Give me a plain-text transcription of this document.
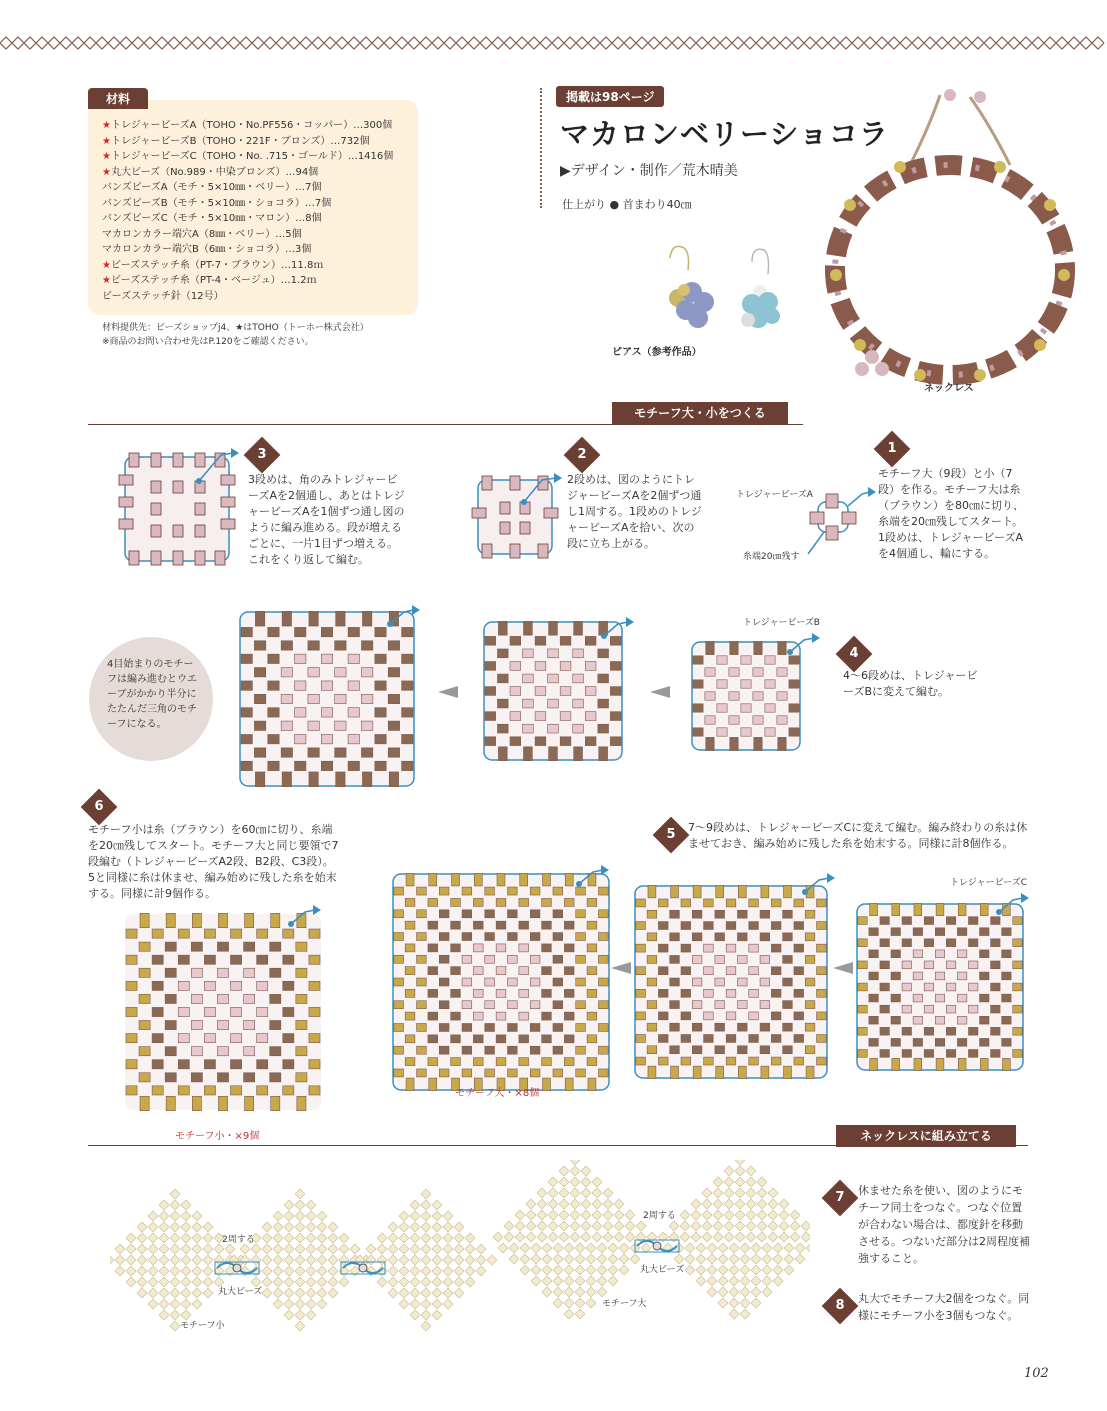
材料
★トレジャービーズA（TOHO・No.PF556・コッパー）…300個
★トレジャービーズB（TOHO・221F・ブロンズ）…732個
★トレジャービーズC（TOHO・No. .715・ゴールド）…1416個
★丸大ビーズ（No.989・中染ブロンズ）…94個
バンズビーズA（モチ・5×10㎜・ベリー）…7個
バンズビーズB（モチ・5×10㎜・ショコラ）…7個
バンズビーズC（モチ・5×10㎜・マロン）…8個
マカロンカラー端穴A（8㎜・ベリー）…5個
マカロンカラー端穴B（6㎜・ショコラ）…3個
★ビーズステッチ糸（PT-7・ブラウン）…11.8ｍ
★ビーズステッチ糸（PT-4・ベージュ）…1.2ｍ
ビーズステッチ針（12号）
材料提供先：ビーズショップj4、★はTOHO（トーホー株式会社）
※商品のお問い合わせ先はP.120をご確認ください。
掲載は98ページ
マカロンベリーショコラ
▶デザイン・制作／荒木晴美
仕上がり ● 首まわり40㎝
ピアス（参考作品）
ネックレス
モチーフ大・小をつくる
3
3段めは、角のみトレジャービーズAを2個通し、あとはトレジャービーズAを1個ずつ通し図のように編み進める。段が増えるごとに、一片1目ずつ増える。これをくり返して編む。
2
2段めは、図のようにトレジャービーズAを2個ずつ通し1周する。1段めのトレジャービーズAを拾い、次の段に立ち上がる。
1
モチーフ大（9段）と小（7段）を作る。モチーフ大は糸（ブラウン）を80㎝に切り、糸端を20㎝残してスタート。1段めは、トレジャービーズAを4個通し、輪にする。
トレジャービーズA
糸端20㎝残す
4目始まりのモチーフは編み進むとウエーブがかかり半分にたたんだ三角のモチーフになる。
トレジャービーズB
4
4～6段めは、トレジャービーズBに変えて編む。
6
モチーフ小は糸（ブラウン）を60㎝に切り、糸端を20㎝残してスタート。モチーフ大と同じ要領で7段編む（トレジャービーズA2段、B2段、C3段）。5と同様に糸は休ませ、編み始めに残した糸を始末する。同様に計9個作る。
5	7～9段めは、トレジャービーズCに変えて編む。編み終わりの糸は休ませておき、編み始めに残した糸を始末する。同様に計8個作る。
トレジャービーズC
モチーフ小・×9個
モチーフ大・×8個
ネックレスに組み立てる
2周する
丸大ビーズ
モチーフ小
2周する
丸大ビーズ
モチーフ大
7	休ませた糸を使い、図のようにモチーフ同士をつなぐ。つなぐ位置が合わない場合は、都度針を移動させる。つないだ部分は2周程度補強すること。
8	丸大でモチーフ大2個をつなぐ。同様にモチーフ小を3個もつなぐ。
102
